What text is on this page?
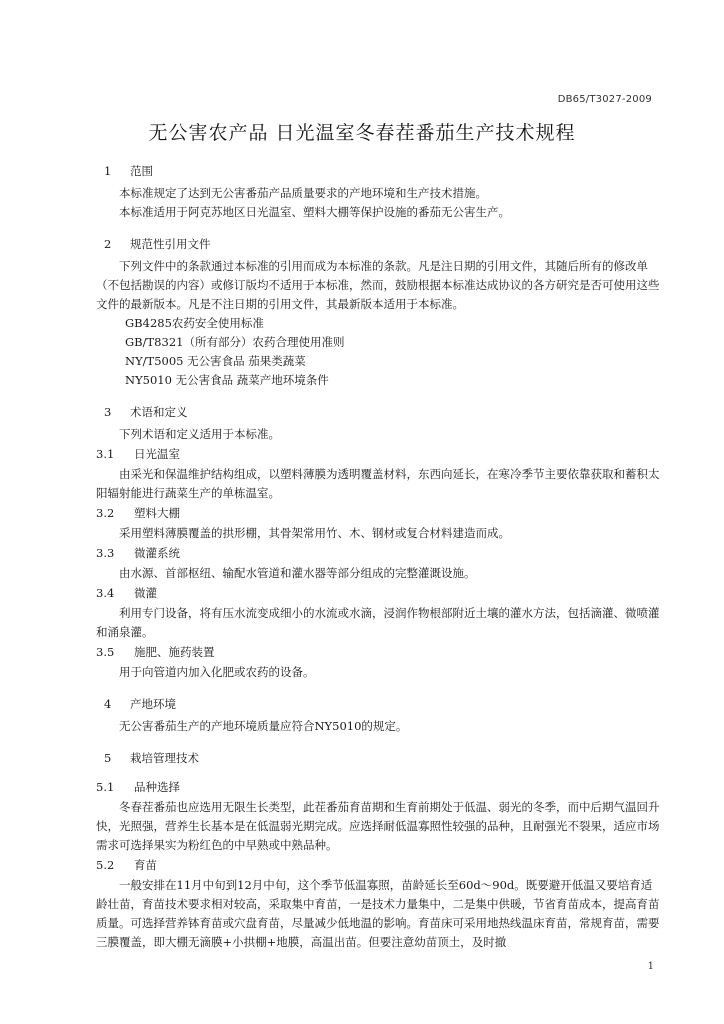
DB65/T3027-2009
无公害农产品 日光温室冬春茬番茄生产技术规程
1	范围

本标准规定了达到无公害番茄产品质量要求的产地环境和生产技术措施。

本标准适用于阿克苏地区日光温室、塑料大棚等保护设施的番茄无公害生产。

2	规范性引用文件

下列文件中的条款通过本标准的引用而成为本标准的条款。凡是注日期的引用文件，其随后所有的修改单（不包括勘误的内容）或修订版均不适用于本标准，然而，鼓励根据本标准达成协议的各方研究是否可使用这些文件的最新版本。凡是不注日期的引用文件，其最新版本适用于本标准。

GB4285农药安全使用标准

GB/T8321（所有部分）农药合理使用准则

NY/T5005 无公害食品 茄果类蔬菜

NY5010 无公害食品 蔬菜产地环境条件

3	术语和定义

下列术语和定义适用于本标准。

3.1	日光温室

由采光和保温维护结构组成，以塑料薄膜为透明覆盖材料，东西向延长，在寒冷季节主要依靠获取和蓄积太阳辐射能进行蔬菜生产的单栋温室。

3.2	塑料大棚

采用塑料薄膜覆盖的拱形棚，其骨架常用竹、木、钢材或复合材料建造而成。

3.3	微灌系统

由水源、首部枢纽、输配水管道和灌水器等部分组成的完整灌溉设施。

3.4	微灌

利用专门设备，将有压水流变成细小的水流或水滴，浸润作物根部附近土壤的灌水方法，包括滴灌、微喷灌和涌泉灌。

3.5	施肥、施药装置

用于向管道内加入化肥或农药的设备。

4	产地环境

无公害番茄生产的产地环境质量应符合NY5010的规定。

5	栽培管理技术
5.1	品种选择

冬春茬番茄也应选用无限生长类型，此茬番茄育苗期和生育前期处于低温、弱光的冬季，而中后期气温回升快，光照强，营养生长基本是在低温弱光期完成。应选择耐低温寡照性较强的品种，且耐强光不裂果，适应市场需求可选择果实为粉红色的中早熟或中熟品种。

5.2	育苗

一般安排在11月中旬到12月中旬，这个季节低温寡照，苗龄延长至60d～90d。既要避开低温又要培育适龄壮苗，育苗技术要求相对较高，采取集中育苗，一是技术力量集中，二是集中供暖，节省育苗成本，提高育苗质量。可选择营养钵育苗或穴盘育苗，尽量减少低地温的影响。育苗床可采用地热线温床育苗，常规育苗，需要三膜覆盖，即大棚无滴膜+小拱棚+地膜，高温出苗。但要注意幼苗顶土，及时撤

1
